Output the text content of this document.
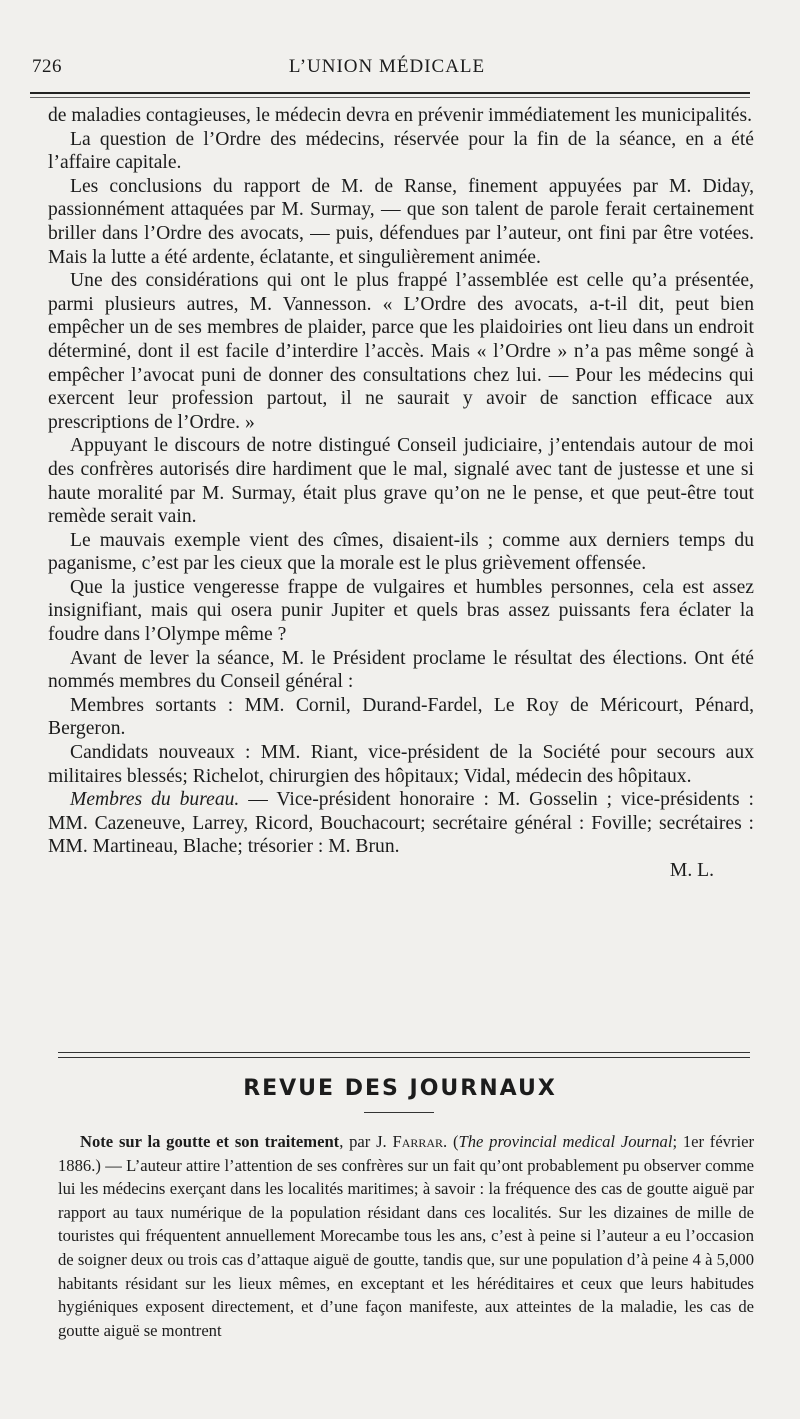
726	L’UNION MÉDICALE

de maladies contagieuses, le médecin devra en prévenir immédiatement les municipalités.

La question de l’Ordre des médecins, réservée pour la fin de la séance, en a été l’affaire capitale.

Les conclusions du rapport de M. de Ranse, finement appuyées par M. Diday, passionnément attaquées par M. Surmay, — que son talent de parole ferait certainement briller dans l’Ordre des avocats, — puis, défendues par l’auteur, ont fini par être votées. Mais la lutte a été ardente, éclatante, et singulièrement animée.

Une des considérations qui ont le plus frappé l’assemblée est celle qu’a présentée, parmi plusieurs autres, M. Vannesson. « L’Ordre des avocats, a-t-il dit, peut bien empêcher un de ses membres de plaider, parce que les plaidoiries ont lieu dans un endroit déterminé, dont il est facile d’interdire l’accès. Mais « l’Ordre » n’a pas même songé à empêcher l’avocat puni de donner des consultations chez lui. — Pour les médecins qui exercent leur profession partout, il ne saurait y avoir de sanction efficace aux prescriptions de l’Ordre. »

Appuyant le discours de notre distingué Conseil judiciaire, j’entendais autour de moi des confrères autorisés dire hardiment que le mal, signalé avec tant de justesse et une si haute moralité par M. Surmay, était plus grave qu’on ne le pense, et que peut-être tout remède serait vain.

Le mauvais exemple vient des cîmes, disaient-ils ; comme aux derniers temps du paganisme, c’est par les cieux que la morale est le plus grièvement offensée.

Que la justice vengeresse frappe de vulgaires et humbles personnes, cela est assez insignifiant, mais qui osera punir Jupiter et quels bras assez puissants fera éclater la foudre dans l’Olympe même ?

Avant de lever la séance, M. le Président proclame le résultat des élections. Ont été nommés membres du Conseil général :

Membres sortants : MM. Cornil, Durand-Fardel, Le Roy de Méricourt, Pénard, Bergeron.

Candidats nouveaux : MM. Riant, vice-président de la Société pour secours aux militaires blessés; Richelot, chirurgien des hôpitaux; Vidal, médecin des hôpitaux.

Membres du bureau. — Vice-président honoraire : M. Gosselin ; vice-présidents : MM. Cazeneuve, Larrey, Ricord, Bouchacourt; secrétaire général : Foville; secrétaires : MM. Martineau, Blache; trésorier : M. Brun.

M. L.

REVUE DES JOURNAUX

Note sur la goutte et son traitement, par J. Farrar. (The provincial medical Journal; 1er février 1886.) — L’auteur attire l’attention de ses confrères sur un fait qu’ont probablement pu observer comme lui les médecins exerçant dans les localités maritimes; à savoir : la fréquence des cas de goutte aiguë par rapport au taux numérique de la population résidant dans ces localités. Sur les dizaines de mille de touristes qui fréquentent annuellement Morecambe tous les ans, c’est à peine si l’auteur a eu l’occasion de soigner deux ou trois cas d’attaque aiguë de goutte, tandis que, sur une population d’à peine 4 à 5,000 habitants résidant sur les lieux mêmes, en exceptant et les héréditaires et ceux que leurs habitudes hygiéniques exposent directement, et d’une façon manifeste, aux atteintes de la maladie, les cas de goutte aiguë se montrent
